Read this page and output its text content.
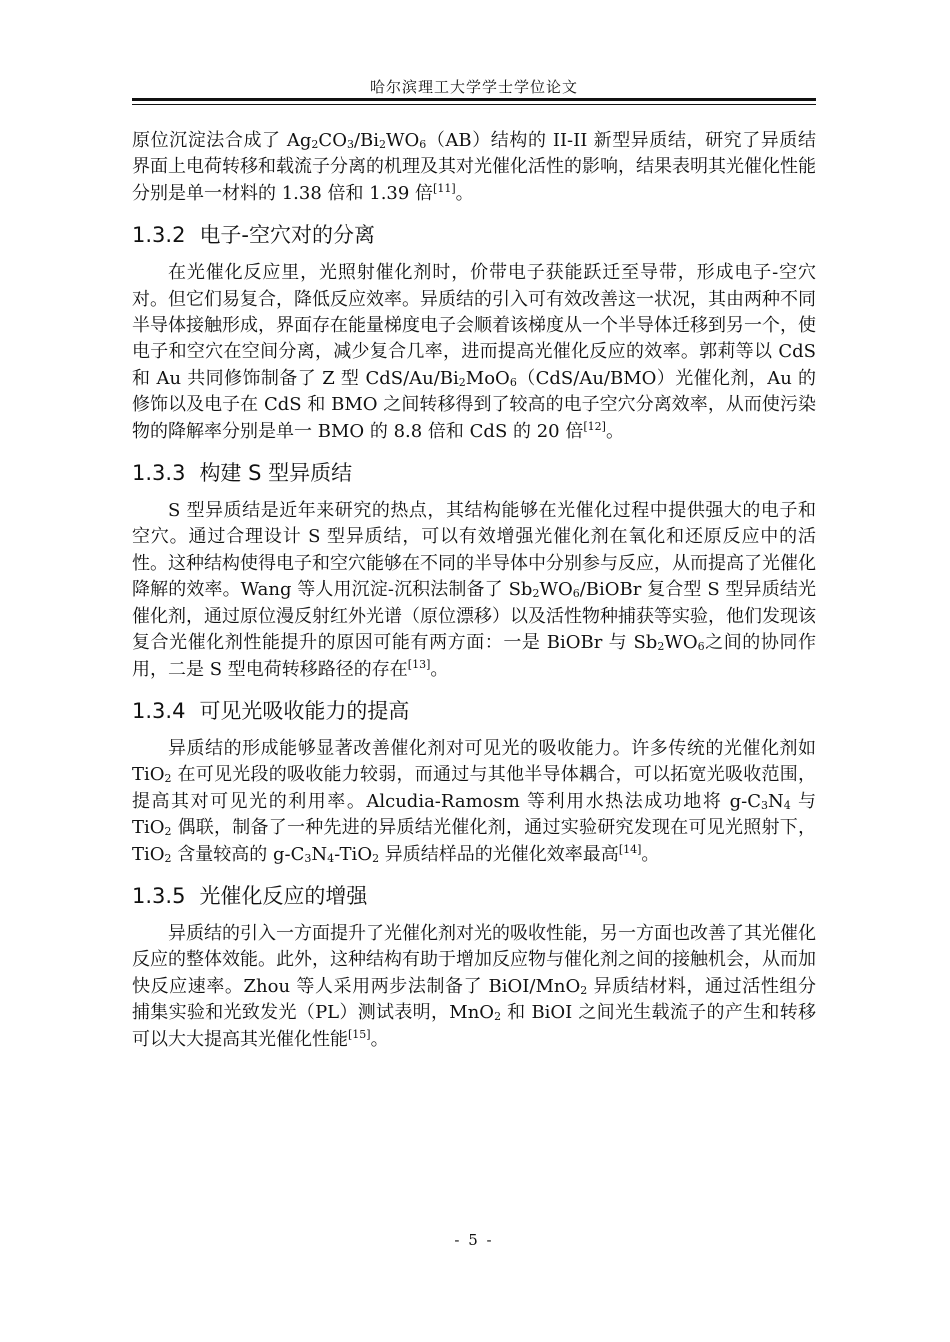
哈尔滨理工大学学士学位论文

原位沉淀法合成了 $Ag_2CO_3/Bi_2WO_6(AB)$结构的 II-II 新型异质结，研究了异质结界面上电荷转移和载流子分离的机理及其对光催化活性的影响，结果表明其光催化性能分别是单一材料的 1.38 倍和 1.39 倍[11]。

1.3.2 电子-空穴对的分离

在光催化反应里，光照射催化剂时，价带电子获能跃迁至导带，形成电子-空穴对。但它们易复合，降低反应效率。异质结的引入可有效改善这一状况，其由两种不同半导体接触形成，界面存在能量梯度电子会顺着该梯度从一个半导体迁移到另一个，使电子和空穴在空间分离，减少复合几率，进而提高光催化反应的效率。郭莉等以 CdS 和 Au 共同修饰制备了 Z 型 CdS/$Au/Bi_2MoO_6(CdS/Au/BMO)$光催化剂，Au 的修饰以及电子在 CdS 和 BMO 之间转移得到了较高的电子空穴分离效率，从而使污染物的降解率分别是单一 BMO 的 8.8 倍和 CdS 的 20 倍[12]。

1.3.3 构建 S 型异质结

S 型异质结是近年来研究的热点，其结构能够在光催化过程中提供强大的电子和空穴。通过合理设计 S 型异质结，可以有效增强光催化剂在氧化和还原反应中的活性。这种结构使得电子和空穴能够在不同的半导体中分别参与反应，从而提高了光催化降解的效率。Wang 等人用沉淀-沉积法制备了 $Sb_2WO_6$/BiOBr 复合型 S 型异质结光催化剂，通过原位漫反射红外光谱（原位漂移）以及活性物种捕获等实验，他们发现该复合光催化剂性能提升的原因可能有两方面：一是 BiOBr 与 $Sb_2WO_6$之间的协同作用，二是 S 型电荷转移路径的存在[13]。

1.3.4 可见光吸收能力的提高

异质结的形成能够显著改善催化剂对可见光的吸收能力。许多传统的光催化剂如 TiO$_2$ 在可见光段的吸收能力较弱，而通过与其他半导体耦合，可以拓宽光吸收范围，提高其对可见光的利用率。Alcudia-Ramosm 等利用水热法成功地将 $g-C_3N_4$ 与 TiO$_2$ 偶联，制备了一种先进的异质结光催化剂，通过实验研究发现在可见光照射下，TiO$_2$ 含量较高的 $g-C_3N_4-TiO_2$ 异质结样品的光催化效率最高[14]。

1.3.5 光催化反应的增强

异质结的引入一方面提升了光催化剂对光的吸收性能，另一方面也改善了其光催化反应的整体效能。此外，这种结构有助于增加反应物与催化剂之间的接触机会，从而加快反应速率。Zhou 等人采用两步法制备了 BiOI/MnO$_2$ 异质结材料，通过活性组分捕集实验和光致发光（PL）测试表明，MnO$_2$ 和 BiOI 之间光生载流子的产生和转移可以大大提高其光催化性能[15]。

- 5 -
